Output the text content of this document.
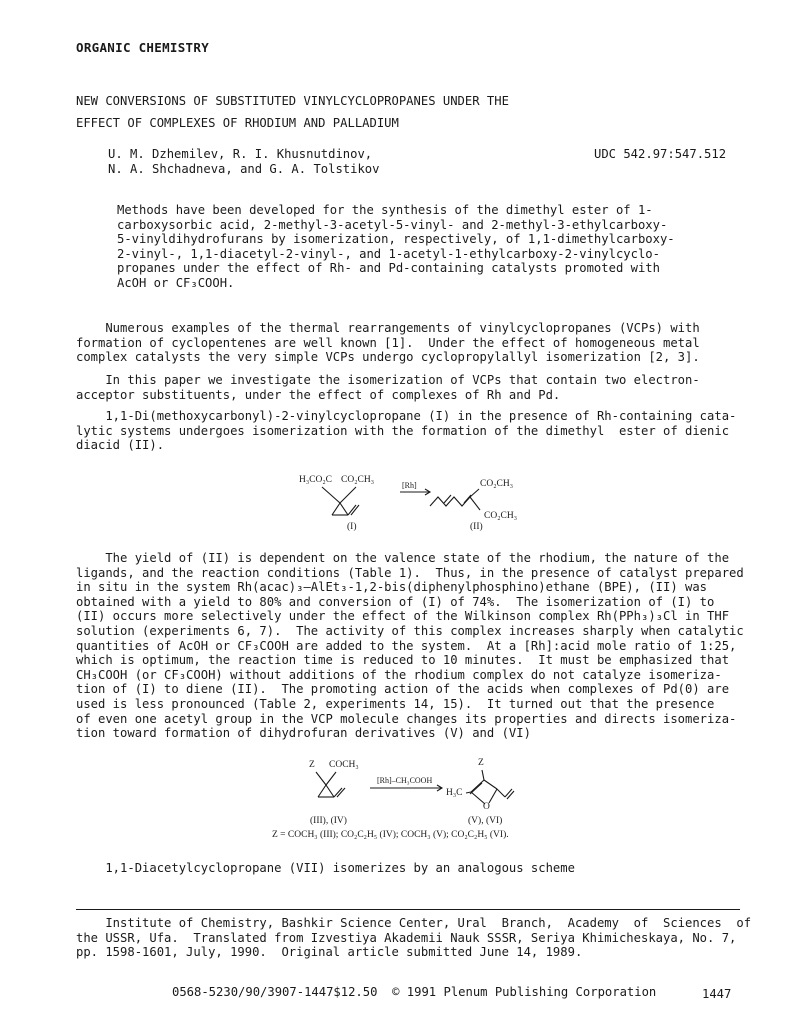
ORGANIC CHEMISTRY
NEW CONVERSIONS OF SUBSTITUTED VINYLCYCLOPROPANES UNDER THE
EFFECT OF COMPLEXES OF RHODIUM AND PALLADIUM
U. M. Dzhemilev, R. I. Khusnutdinov,
N. A. Shchadneva, and G. A. Tolstikov
UDC 542.97:547.512
Methods have been developed for the synthesis of the dimethyl ester of 1-
carboxysorbic acid, 2-methyl-3-acetyl-5-vinyl- and 2-methyl-3-ethylcarboxy-
5-vinyldihydrofurans by isomerization, respectively, of 1,1-dimethylcarboxy-
2-vinyl-, 1,1-diacetyl-2-vinyl-, and 1-acetyl-1-ethylcarboxy-2-vinylcyclo-
propanes under the effect of Rh- and Pd-containing catalysts promoted with
AcOH or CF₃COOH.
Numerous examples of the thermal rearrangements of vinylcyclopropanes (VCPs) with
formation of cyclopentenes are well known [1].  Under the effect of homogeneous metal
complex catalysts the very simple VCPs undergo cyclopropylallyl isomerization [2, 3].
In this paper we investigate the isomerization of VCPs that contain two electron-
acceptor substituents, under the effect of complexes of Rh and Pd.
1,1-Di(methoxycarbonyl)-2-vinylcyclopropane (I) in the presence of Rh-containing cata-
lytic systems undergoes isomerization with the formation of the dimethyl  ester of dienic
diacid (II).
H₃CO₂C CO₂CH₃
[Rh]	CO₂CH₃
CO₂CH₃
(I)	(II)
The yield of (II) is dependent on the valence state of the rhodium, the nature of the
ligands, and the reaction conditions (Table 1).  Thus, in the presence of catalyst prepared
in situ in the system Rh(acac)₃–AlEt₃-1,2-bis(diphenylphosphino)ethane (BPE), (II) was
obtained with a yield to 80% and conversion of (I) of 74%.  The isomerization of (I) to
(II) occurs more selectively under the effect of the Wilkinson complex Rh(PPh₃)₃Cl in THF
solution (experiments 6, 7).  The activity of this complex increases sharply when catalytic
quantities of AcOH or CF₃COOH are added to the system.  At a [Rh]:acid mole ratio of 1:25,
which is optimum, the reaction time is reduced to 10 minutes.  It must be emphasized that
CH₃COOH (or CF₃COOH) without additions of the rhodium complex do not catalyze isomeriza-
tion of (I) to diene (II).  The promoting action of the acids when complexes of Pd(0) are
used is less pronounced (Table 2, experiments 14, 15).  It turned out that the presence
of even one acetyl group in the VCP molecule changes its properties and directs isomeriza-
tion toward formation of dihydrofuran derivatives (V) and (VI)
Z COCH₃
[Rh]–CH₃COOH
Z
H₃C
O
(III), (IV)	(V), (VI)
Z = COCH₃ (III); CO₂C₂H₅ (IV); COCH₃ (V); CO₂C₂H₅ (VI).
1,1-Diacetylcyclopropane (VII) isomerizes by an analogous scheme
Institute of Chemistry, Bashkir Science Center, Ural  Branch,  Academy  of  Sciences  of
the USSR, Ufa.  Translated from Izvestiya Akademii Nauk SSSR, Seriya Khimicheskaya, No. 7,
pp. 1598-1601, July, 1990.  Original article submitted June 14, 1989.
0568-5230/90/3907-1447$12.50  © 1991 Plenum Publishing Corporation	1447
